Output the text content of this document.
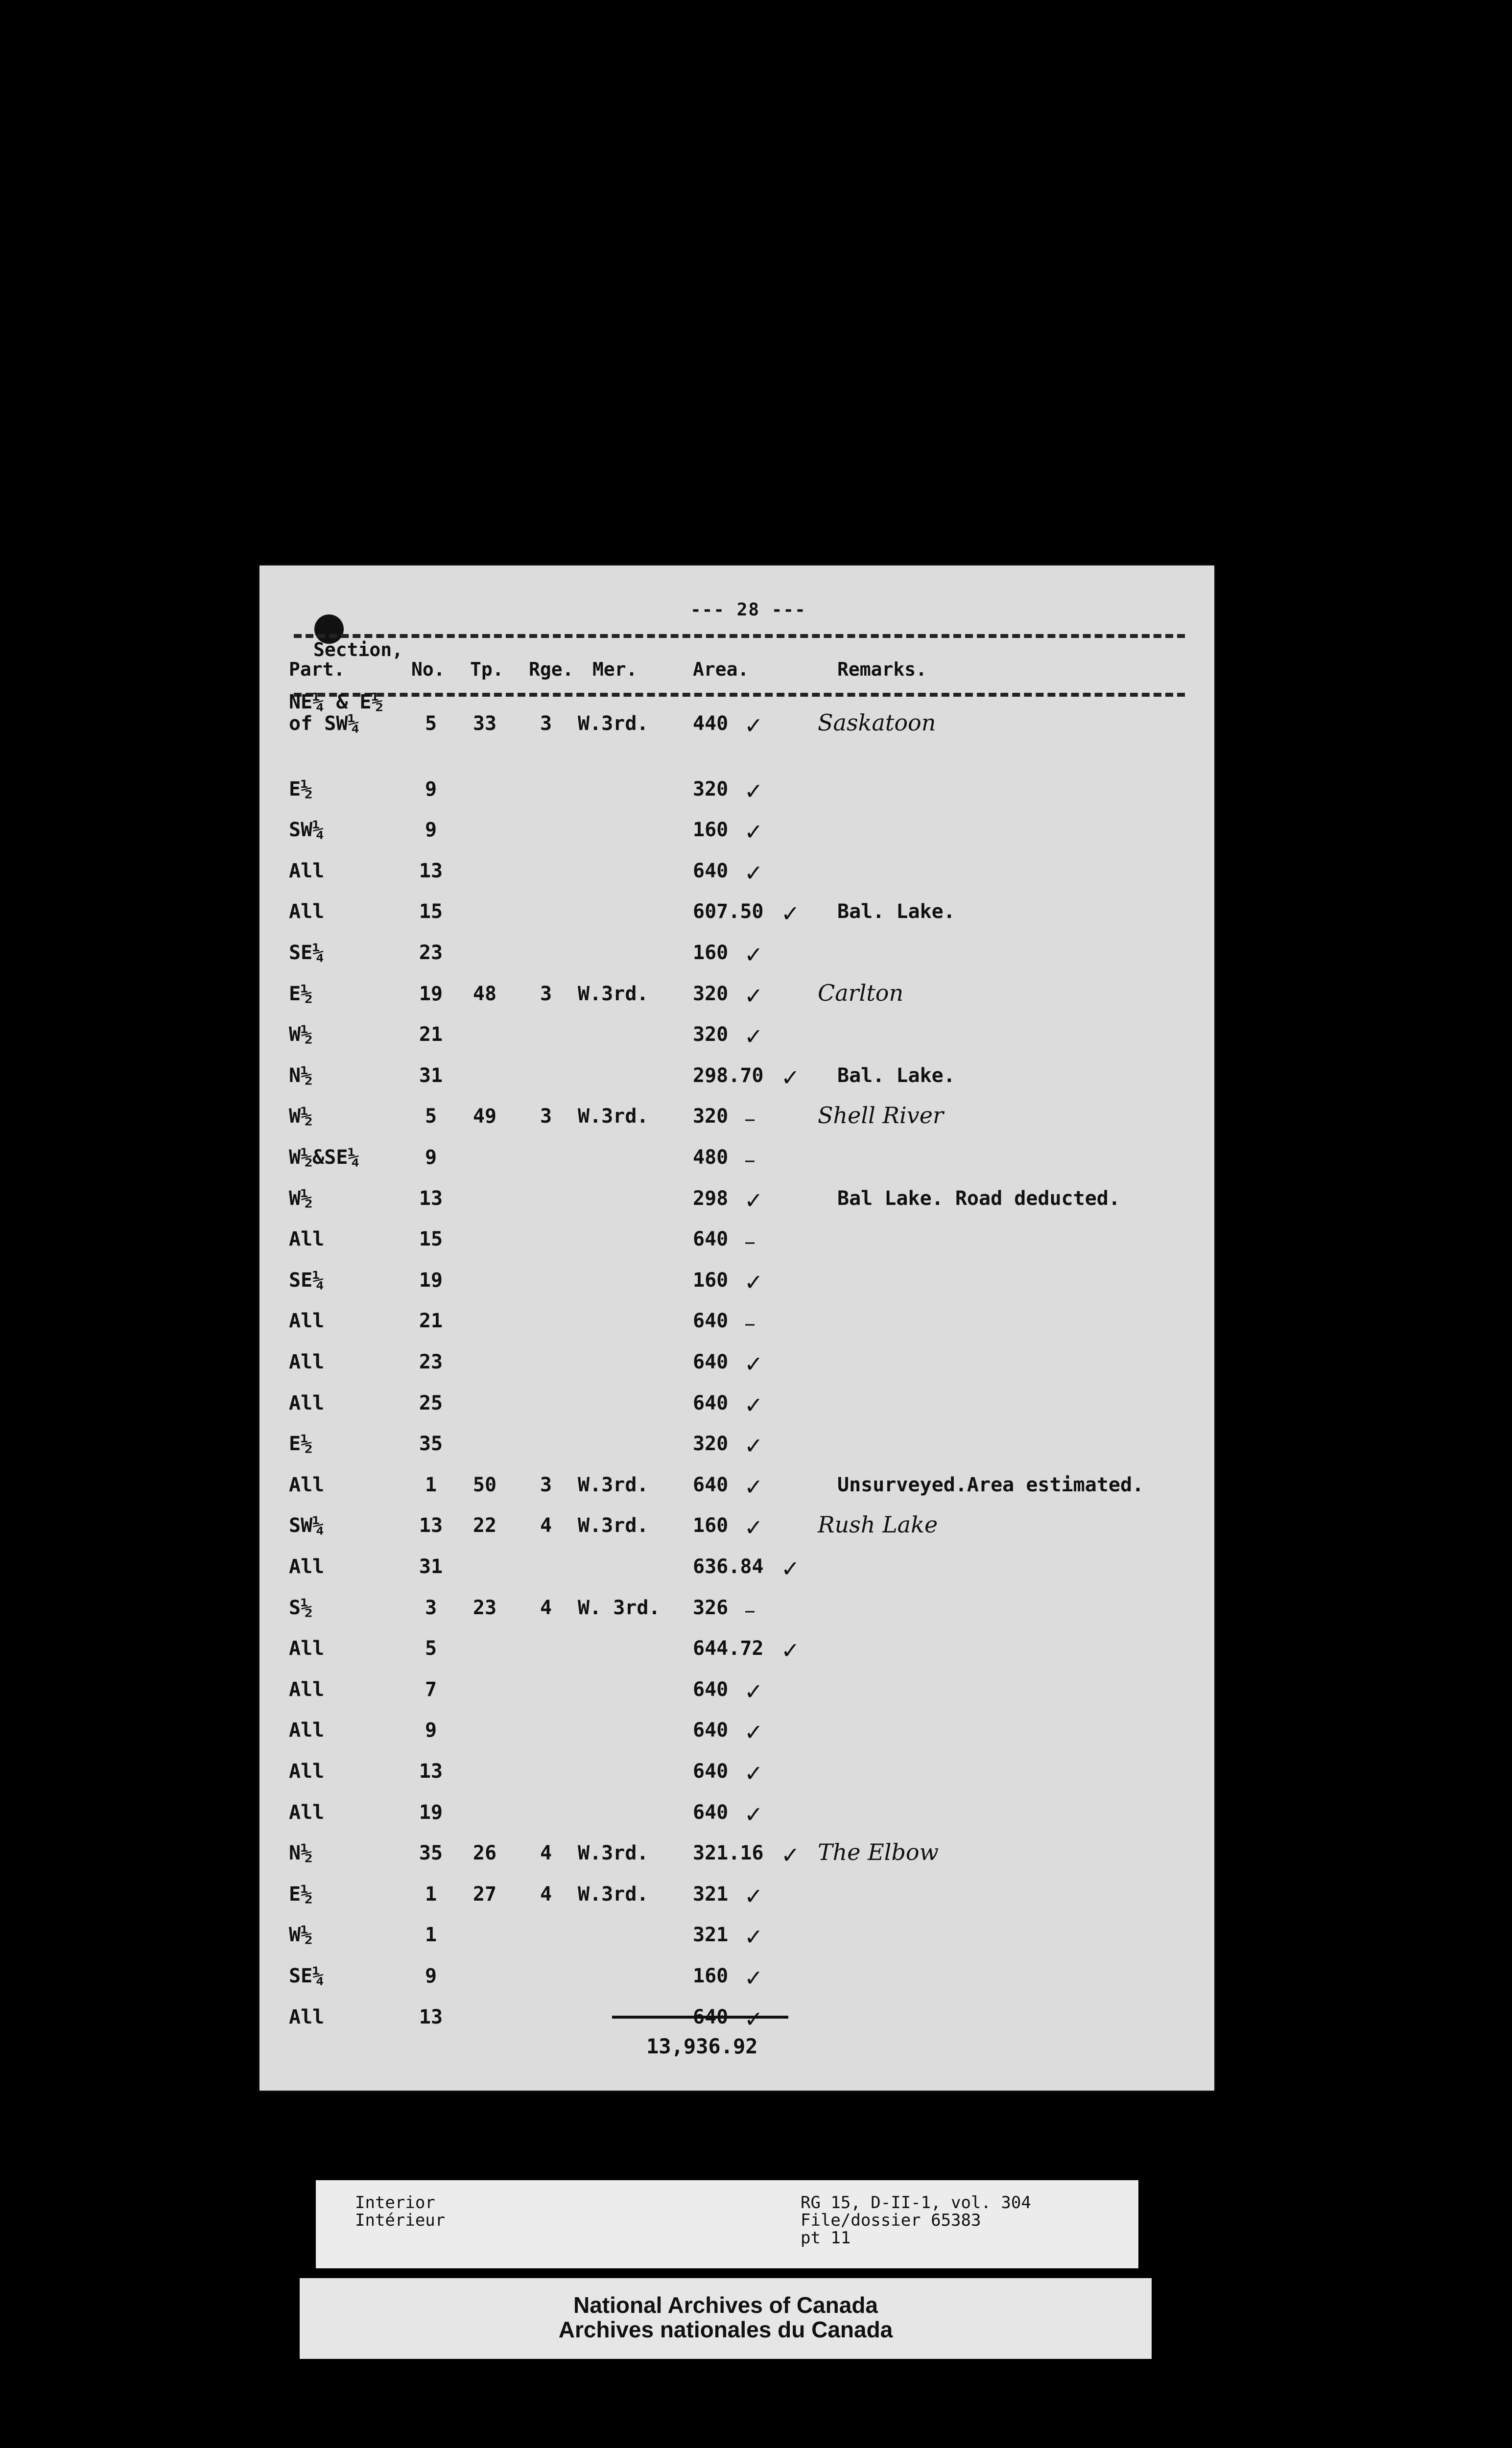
--- 28 ---
Section,
Part.	No. Tp. Rge. Mer.	Area.	Remarks.
NE¼ & E½
of SW¼	5	33	3	W.3rd. 440 ✓ Saskatoon
E½	9	320 ✓
SW¼	9	160 ✓
All	13	640 ✓
All	15	607.50 ✓ Bal. Lake.
SE¼	23	160 ✓
E½	19	48	3	W.3rd. 320 ✓ Carlton
W½	21	320 ✓
N½	31	298.70 ✓ Bal. Lake.
W½	5	49	3	W.3rd. 320 –	Shell River
W½&SE¼	9	480 –
W½	13	298 ✓	Bal Lake. Road deducted.
All	15	640 –
SE¼	19	160 ✓
All	21	640 –
All	23	640 ✓
All	25	640 ✓
E½	35	320 ✓
All	1	50	3	W.3rd. 640 ✓	Unsurveyed.Area estimated.
SW¼	13	22	4	W.3rd. 160 ✓ Rush Lake
All	31	636.84 ✓
S½	3	23	4	W. 3rd. 326 –
All	5	644.72 ✓
All	7	640 ✓
All	9	640 ✓
All	13	640 ✓
All	19	640 ✓
N½	35	26	4	W.3rd. 321.16 ✓ The Elbow
E½	1	27	4	W.3rd. 321 ✓
W½	1	321 ✓
SE¼	9	160 ✓
All	13	640 ✓
13,936.92
Interior
Intérieur
RG 15, D-II-1, vol. 304
File/dossier 65383
pt 11
National Archives of Canada
Archives nationales du Canada
